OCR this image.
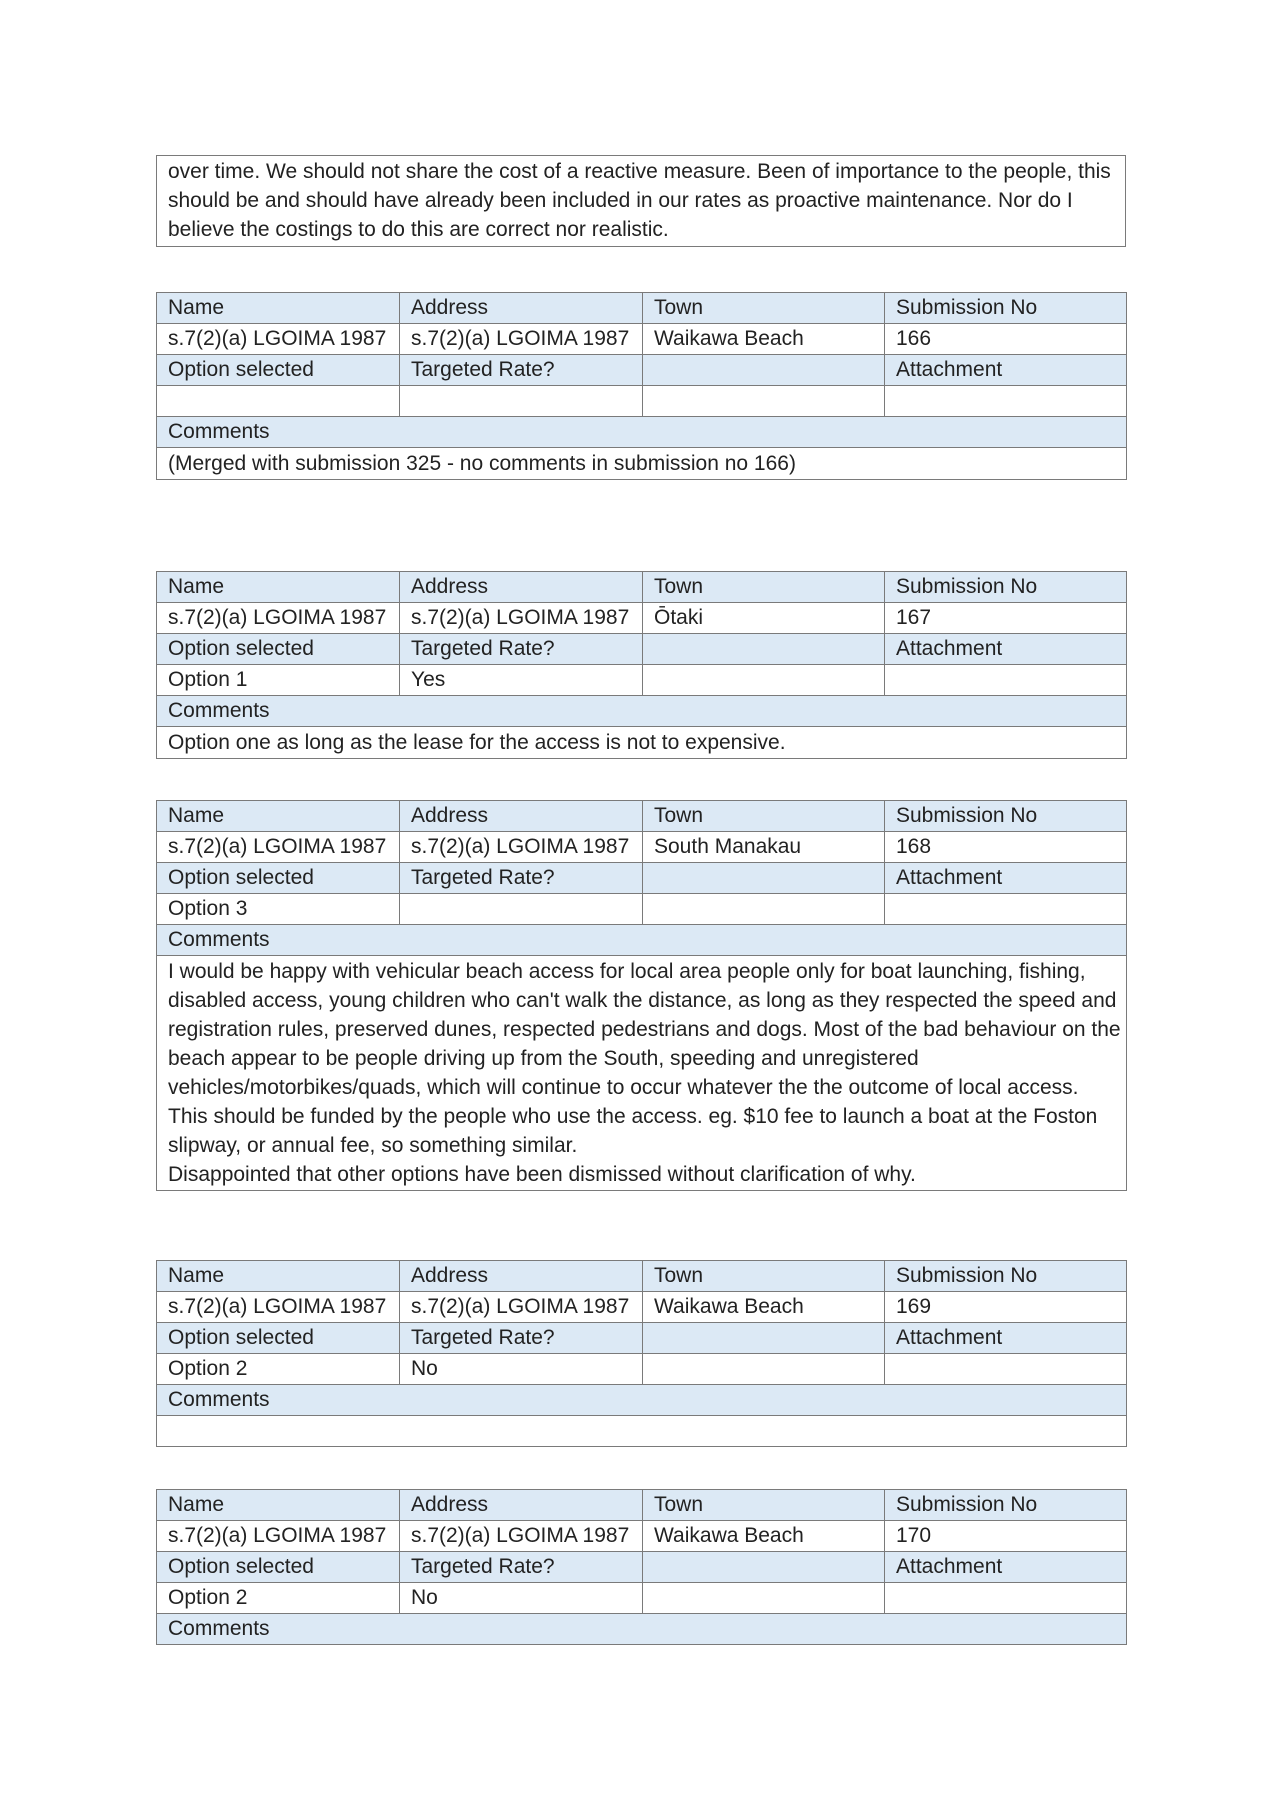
over time. We should not share the cost of a reactive measure. Been of importance to the people, this should be and should have already been included in our rates as proactive maintenance. Nor do I believe the costings to do this are correct nor realistic.
Name	Address	Town	Submission No
s.7(2)(a) LGOIMA 1987	s.7(2)(a) LGOIMA 1987	Waikawa Beach	166
Option selected	Targeted Rate?		Attachment

Comments			

(Merged with submission 325 - no comments in submission no 166)			
Name	Address	Town	Submission No
s.7(2)(a) LGOIMA 1987	s.7(2)(a) LGOIMA 1987	Ōtaki	167
Option selected	Targeted Rate?		Attachment
Option 1	Yes		
Comments			

Option one as long as the lease for the access is not to expensive.			
Name	Address	Town	Submission No
s.7(2)(a) LGOIMA 1987	s.7(2)(a) LGOIMA 1987	South Manakau	168
Option selected	Targeted Rate?		Attachment
Option 3			
Comments			

I would be happy with vehicular beach access for local area people only for boat launching, fishing, disabled access, young children who can't walk the distance, as long as they respected the speed and registration rules, preserved dunes, respected pedestrians and dogs. Most of the bad behaviour on the beach appear to be people driving up from the South, speeding and unregistered vehicles/motorbikes/quads, which will continue to occur whatever the the outcome of local access.
This should be funded by the people who use the access. eg. $10 fee to launch a boat at the Foston slipway, or annual fee, so something similar.
Disappointed that other options have been dismissed without clarification of why.			
Name	Address	Town	Submission No
s.7(2)(a) LGOIMA 1987	s.7(2)(a) LGOIMA 1987	Waikawa Beach	169
Option selected	Targeted Rate?		Attachment
Option 2	No		
Comments			

Name	Address	Town	Submission No
s.7(2)(a) LGOIMA 1987	s.7(2)(a) LGOIMA 1987	Waikawa Beach	170
Option selected	Targeted Rate?		Attachment
Option 2	No		
Comments			
